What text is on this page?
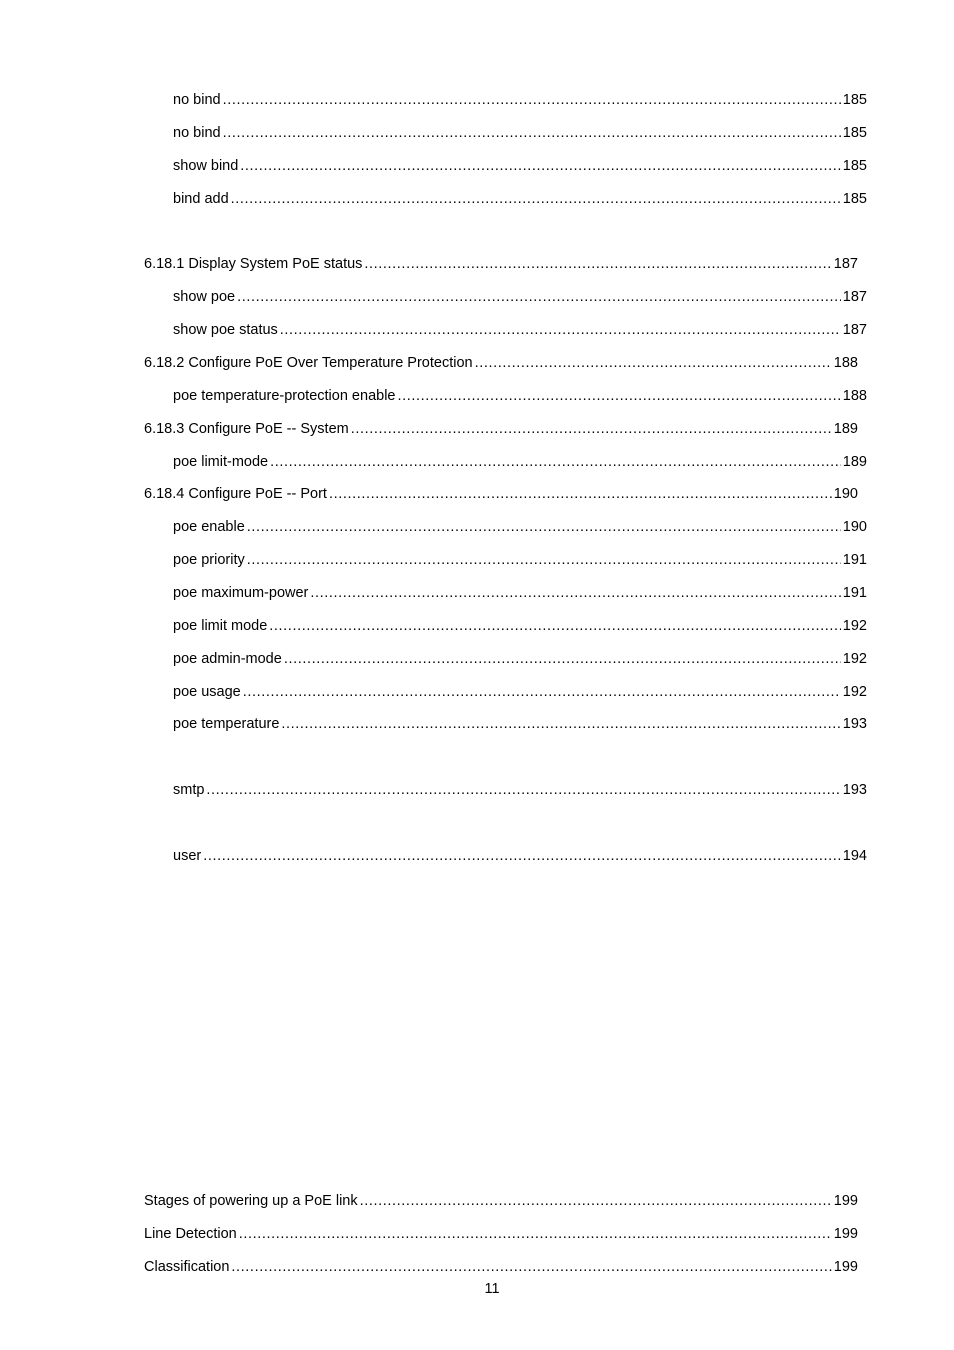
no bind .....	185
no bind .....	185
show bind .....	185
bind add .....	185
6.18.1 Display System PoE status .....	187
show poe .....	187
show poe status .....	187
6.18.2 Configure PoE Over Temperature Protection .....	188
poe temperature-protection enable .....	188
6.18.3 Configure PoE -- System .....	189
poe limit-mode .....	189
6.18.4 Configure PoE -- Port .....	190
poe enable .....	190
poe priority .....	191
poe maximum-power .....	191
poe limit mode .....	192
poe admin-mode .....	192
poe usage .....	192
poe temperature .....	193
smtp .....	193
user .....	194
Stages of powering up a PoE link .....	199
Line Detection .....	199
Classification .....	199
11
